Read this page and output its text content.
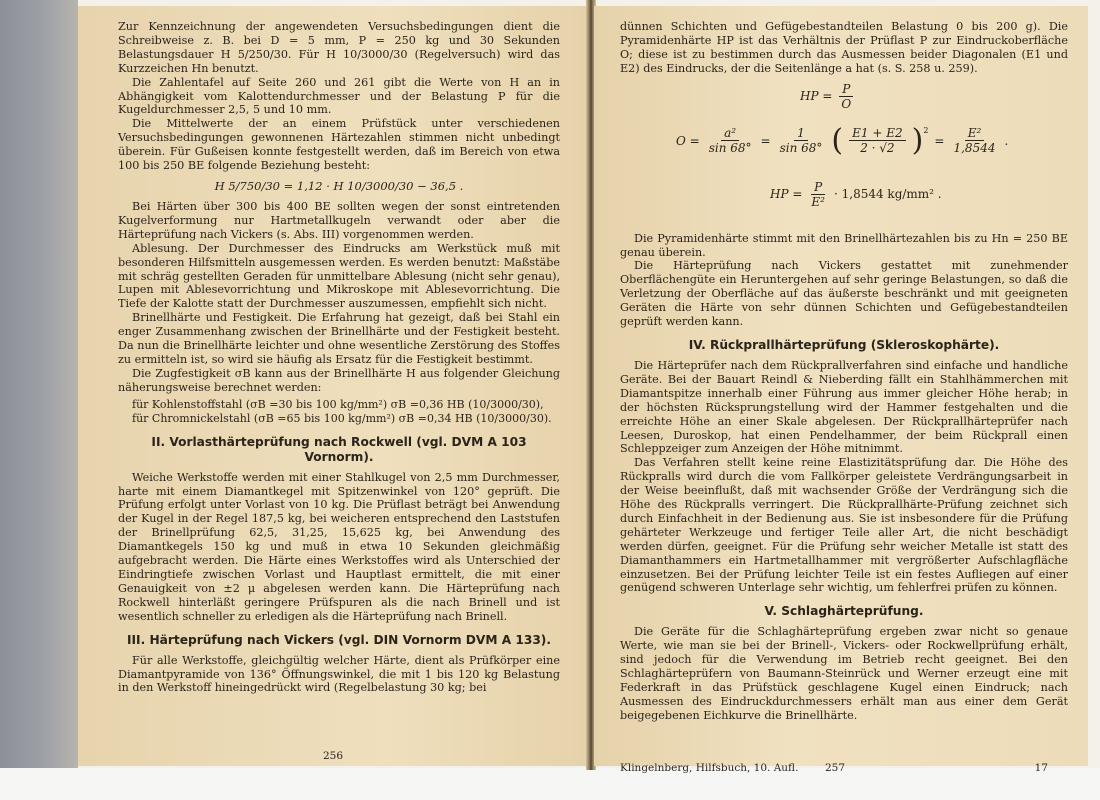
Zur Kennzeichnung der angewendeten Versuchsbedingungen dient die Schreibweise z. B. bei D = 5 mm, P = 250 kg und 30 Sekunden Belastungsdauer H 5/250/30. Für H 10/3000/30 (Regelversuch) wird das Kurzzeichen Hn benutzt.

Die Zahlentafel auf Seite 260 und 261 gibt die Werte von H an in Abhängigkeit vom Kalottendurchmesser und der Belastung P für die Kugeldurchmesser 2,5, 5 und 10 mm.

Die Mittelwerte der an einem Prüfstück unter verschiedenen Versuchsbedingungen gewonnenen Härtezahlen stimmen nicht unbedingt überein. Für Gußeisen konnte festgestellt werden, daß im Bereich von etwa 100 bis 250 BE folgende Beziehung besteht:

H 5/750/30 = 1,12 · H 10/3000/30 − 36,5 .

Bei Härten über 300 bis 400 BE sollten wegen der sonst eintretenden Kugelverformung nur Hartmetallkugeln verwandt oder aber die Härteprüfung nach Vickers (s. Abs. III) vorgenommen werden.

Ablesung. Der Durchmesser des Eindrucks am Werkstück muß mit besonderen Hilfsmitteln ausgemessen werden. Es werden benutzt: Maßstäbe mit schräg gestellten Geraden für unmittelbare Ablesung (nicht sehr genau), Lupen mit Ablesevorrichtung und Mikroskope mit Ablesevorrichtung. Die Tiefe der Kalotte statt der Durchmesser auszumessen, empfiehlt sich nicht.

Brinellhärte und Festigkeit. Die Erfahrung hat gezeigt, daß bei Stahl ein enger Zusammenhang zwischen der Brinellhärte und der Festigkeit besteht. Da nun die Brinellhärte leichter und ohne wesentliche Zerstörung des Stoffes zu ermitteln ist, so wird sie häufig als Ersatz für die Festigkeit bestimmt.

Die Zugfestigkeit σB kann aus der Brinellhärte H aus folgender Gleichung näherungsweise berechnet werden:

für Kohlenstoffstahl (σB =30 bis 100 kg/mm²) σB =0,36 HB (10/3000/30),
für Chromnickelstahl (σB =65 bis 100 kg/mm²) σB =0,34 HB (10/3000/30).
II. Vorlasthärteprüfung nach Rockwell (vgl. DVM A 103 Vornorm).

Weiche Werkstoffe werden mit einer Stahlkugel von 2,5 mm Durchmesser, harte mit einem Diamantkegel mit Spitzenwinkel von 120° geprüft. Die Prüfung erfolgt unter Vorlast von 10 kg. Die Prüflast beträgt bei Anwendung der Kugel in der Regel 187,5 kg, bei weicheren entsprechend den Laststufen der Brinellprüfung 62,5, 31,25, 15,625 kg, bei Anwendung des Diamantkegels 150 kg und muß in etwa 10 Sekunden gleichmäßig aufgebracht werden. Die Härte eines Werkstoffes wird als Unterschied der Eindringtiefe zwischen Vorlast und Hauptlast ermittelt, die mit einer Genauigkeit von ±2 μ abgelesen werden kann. Die Härteprüfung nach Rockwell hinterläßt geringere Prüfspuren als die nach Brinell und ist wesentlich schneller zu erledigen als die Härteprüfung nach Brinell.

III. Härteprüfung nach Vickers (vgl. DIN Vornorm DVM A 133).

Für alle Werkstoffe, gleichgültig welcher Härte, dient als Prüfkörper eine Diamantpyramide von 136° Öffnungswinkel, die mit 1 bis 120 kg Belastung in den Werkstoff hineingedrückt wird (Regelbelastung 30 kg; bei

256

dünnen Schichten und Gefügebestandteilen Belastung 0 bis 200 g). Die Pyramidenhärte HP ist das Verhältnis der Prüflast P zur Eindruckoberfläche O; diese ist zu bestimmen durch das Ausmessen beider Diagonalen (E1 und E2) des Eindrucks, der die Seitenlänge a hat (s. S. 258 u. 259).

HP = $\frac{P}{O}$
$O = \frac{\text{a²}}{\sin 68^\circ} = \frac{1}{\sin 68^\circ}$ ( $\frac{E1 + E2}{2 \cdot √2}$ ) 2
= $\frac{\text{E²}}{1,8544}$ .
HP = $\frac{P}{\text{E²}} \cdot 1,8544$ kg/mm² .

Die Pyramidenhärte stimmt mit den Brinellhärtezahlen bis zu Hn = 250 BE genau überein.

Die Härteprüfung nach Vickers gestattet mit zunehmender Oberflächengüte ein Heruntergehen auf sehr geringe Belastungen, so daß die Verletzung der Oberfläche auf das äußerste beschränkt und mit geeigneten Geräten die Härte von sehr dünnen Schichten und Gefügebestandteilen geprüft werden kann.

IV. Rückprallhärteprüfung (Skleroskophärte).

Die Härteprüfer nach dem Rückprallverfahren sind einfache und handliche Geräte. Bei der Bauart Reindl & Nieberding fällt ein Stahlhämmerchen mit Diamantspitze innerhalb einer Führung aus immer gleicher Höhe herab; in der höchsten Rücksprungstellung wird der Hammer festgehalten und die erreichte Höhe an einer Skale abgelesen. Der Rückprallhärteprüfer nach Leesen, Duroskop, hat einen Pendelhammer, der beim Rückprall einen Schleppzeiger zum Anzeigen der Höhe mitnimmt.

Das Verfahren stellt keine reine Elastizitätsprüfung dar. Die Höhe des Rückpralls wird durch die vom Fallkörper geleistete Verdrängungsarbeit in der Weise beeinflußt, daß mit wachsender Größe der Verdrängung sich die Höhe des Rückpralls verringert. Die Rückprallhärte-Prüfung zeichnet sich durch Einfachheit in der Bedienung aus. Sie ist insbesondere für die Prüfung gehärteter Werkzeuge und fertiger Teile aller Art, die nicht beschädigt werden dürfen, geeignet. Für die Prüfung sehr weicher Metalle ist statt des Diamanthammers ein Hartmetallhammer mit vergrößerter Aufschlagfläche einzusetzen. Bei der Prüfung leichter Teile ist ein festes Aufliegen auf einer genügend schweren Unterlage sehr wichtig, um fehlerfrei prüfen zu können.

V. Schlaghärteprüfung.

Die Geräte für die Schlaghärteprüfung ergeben zwar nicht so genaue Werte, wie man sie bei der Brinell-, Vickers- oder Rockwellprüfung erhält, sind jedoch für die Verwendung im Betrieb recht geeignet. Bei den Schlaghärteprüfern von Baumann-Steinrück und Werner erzeugt eine mit Federkraft in das Prüfstück geschlagene Kugel einen Eindruck; nach Ausmessen des Eindruckdurchmessers erhält man aus einer dem Gerät beigegebenen Eichkurve die Brinellhärte.

Klingelnberg, Hilfsbuch, 10. Aufl.	257	17
